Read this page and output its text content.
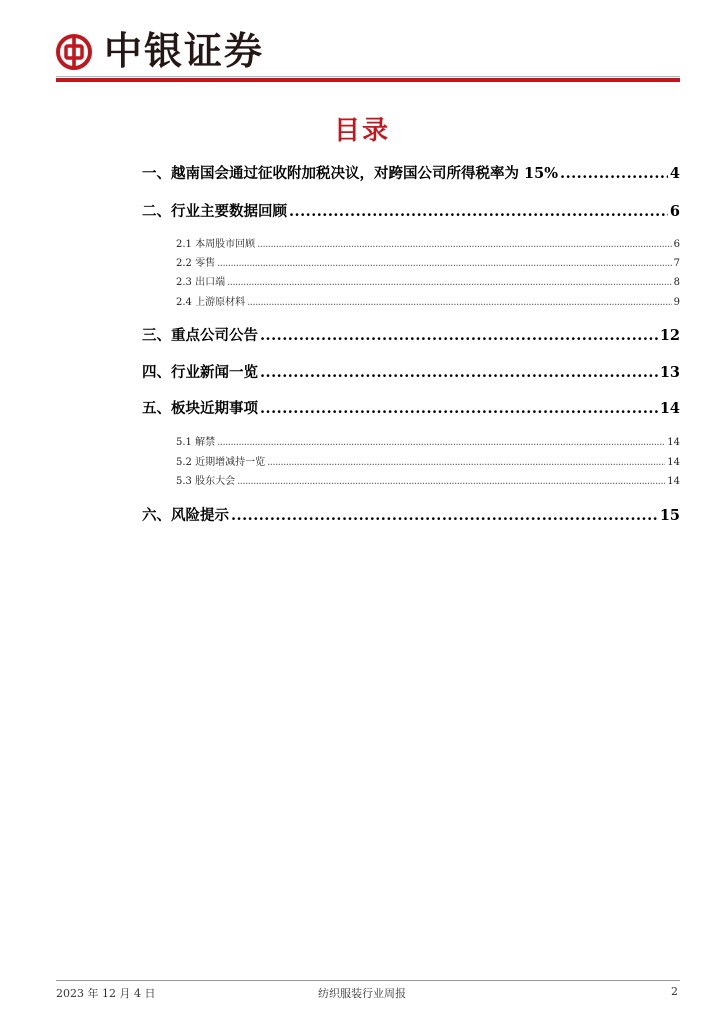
中银证券
目录
一、越南国会通过征收附加税决议，对跨国公司所得税率为 15% .....	4
二、行业主要数据回顾 .....	6
2.1 本周股市回顾 .....	6
2.2 零售 .....	7
2.3 出口端 .....	8
2.4 上游原材料 .....	9
三、重点公司公告 .....	12
四、行业新闻一览 .....	13
五、板块近期事项 .....	14
5.1 解禁 .....	14
5.2 近期增减持一览 .....	14
5.3 股东大会 .....	14
六、风险提示 .....	15
2023 年 12 月 4 日	纺织服装行业周报	2
